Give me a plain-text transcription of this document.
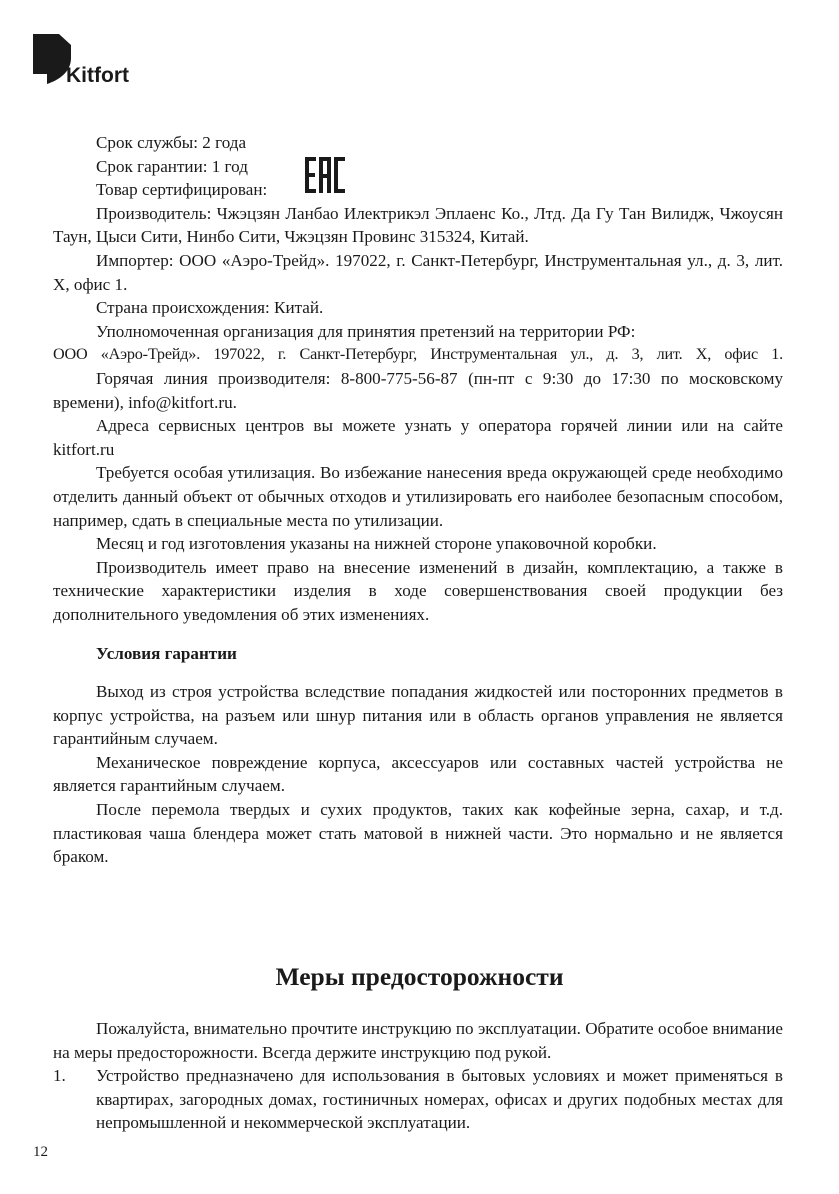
Kitfort

Срок службы: 2 года

Срок гарантии: 1 год

Товар сертифицирован:

Производитель: Чжэцзян Ланбао Илектрикэл Эплаенс Ко., Лтд. Да Гу Тан Вилидж, Чжоусян Таун, Цыси Сити, Нинбо Сити, Чжэцзян Провинс 315324, Китай.

Импортер: ООО «Аэро-Трейд». 197022, г. Санкт-Петербург, Инструментальная ул., д. 3, лит. Х, офис 1.

Страна происхождения: Китай.

Уполномоченная организация для принятия претензий на территории РФ:

ООО «Аэро-Трейд». 197022, г. Санкт-Петербург, Инструментальная ул., д. 3, лит. Х, офис 1.

Горячая линия производителя: 8-800-775-56-87 (пн-пт с 9:30 до 17:30 по московскому времени), info@kitfort.ru.

Адреса сервисных центров вы можете узнать у оператора горячей линии или на сайте kitfort.ru

Требуется особая утилизация. Во избежание нанесения вреда окружающей среде необходимо отделить данный объект от обычных отходов и утилизировать его наиболее безопасным способом, например, сдать в специальные места по утилизации.

Месяц и год изготовления указаны на нижней стороне упаковочной коробки.

Производитель имеет право на внесение изменений в дизайн, комплектацию, а также в технические характеристики изделия в ходе совершенствования своей продукции без дополнительного уведомления об этих изменениях.

Условия гарантии

Выход из строя устройства вследствие попадания жидкостей или посторонних предметов в корпус устройства, на разъем или шнур питания или в область органов управления не является гарантийным случаем.

Механическое повреждение корпуса, аксессуаров или составных частей устройства не является гарантийным случаем.

После перемола твердых и сухих продуктов, таких как кофейные зерна, сахар, и т.д. пластиковая чаша блендера может стать матовой в нижней части. Это нормально и не является браком.

Меры предосторожности

Пожалуйста, внимательно прочтите инструкцию по эксплуатации. Обратите особое внимание на меры предосторожности. Всегда держите инструкцию под рукой.

1. Устройство предназначено для использования в бытовых условиях и может применяться в квартирах, загородных домах, гостиничных номерах, офисах и других подобных местах для непромышленной и некоммерческой эксплуатации.
12
